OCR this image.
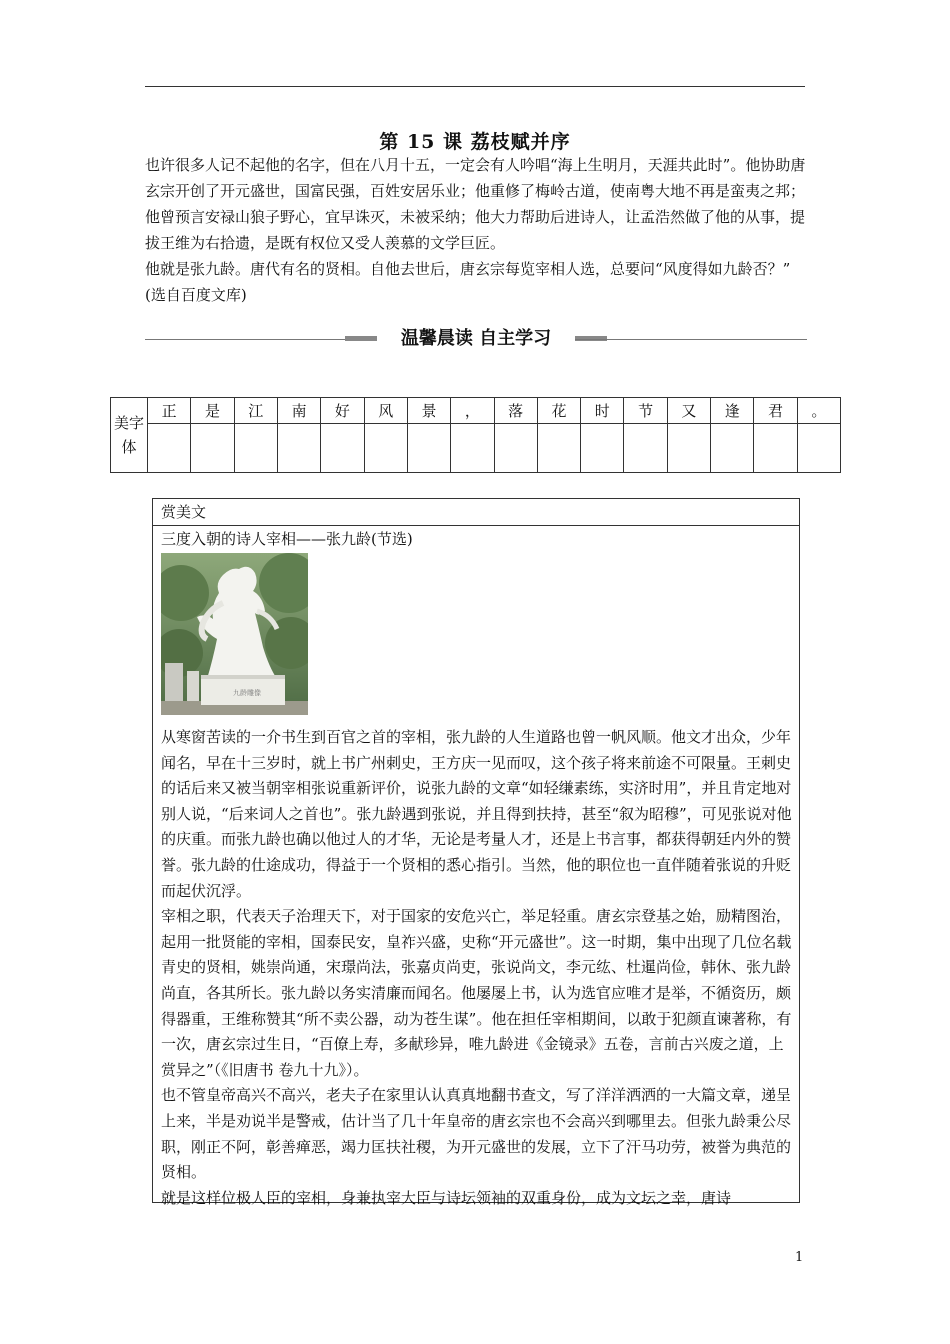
第 15 课 荔枝赋并序

也许很多人记不起他的名字，但在八月十五，一定会有人吟唱“海上生明月，天涯共此时”。他协助唐玄宗开创了开元盛世，国富民强，百姓安居乐业；他重修了梅岭古道，使南粤大地不再是蛮夷之邦；他曾预言安禄山狼子野心，宜早诛灭，未被采纳；他大力帮助后进诗人，让孟浩然做了他的从事，提拔王维为右拾遗，是既有权位又受人羡慕的文学巨匠。

他就是张九龄。唐代有名的贤相。自他去世后，唐玄宗每览宰相人选，总要问“风度得如九龄否？”

(选自百度文库)

温馨晨读 自主学习
美字体	正	是	江	南	好	风	景	，	落	花	时	节	又	逢	君	。

赏美文
三度入朝的诗人宰相——张九龄(节选)
九龄雕像

从寒窗苦读的一介书生到百官之首的宰相，张九龄的人生道路也曾一帆风顺。他文才出众，少年闻名，早在十三岁时，就上书广州刺史，王方庆一见而叹，这个孩子将来前途不可限量。王刺史的话后来又被当朝宰相张说重新评价，说张九龄的文章“如轻缣素练，实济时用”，并且肯定地对别人说，“后来词人之首也”。张九龄遇到张说，并且得到扶持，甚至“叙为昭穆”，可见张说对他的庆重。而张九龄也确以他过人的才华，无论是考量人才，还是上书言事，都获得朝廷内外的赞誉。张九龄的仕途成功，得益于一个贤相的悉心指引。当然，他的职位也一直伴随着张说的升贬而起伏沉浮。

宰相之职，代表天子治理天下，对于国家的安危兴亡，举足轻重。唐玄宗登基之始，励精图治，起用一批贤能的宰相，国泰民安，皇祚兴盛，史称“开元盛世”。这一时期，集中出现了几位名载青史的贤相，姚崇尚通，宋璟尚法，张嘉贞尚吏，张说尚文，李元纮、杜暹尚俭，韩休、张九龄尚直，各其所长。张九龄以务实清廉而闻名。他屡屡上书，认为选官应唯才是举，不循资历，颇得器重，王维称赞其“所不卖公器，动为苍生谋”。他在担任宰相期间，以敢于犯颜直谏著称，有一次，唐玄宗过生日，“百僚上寿，多献珍异，唯九龄进《金镜录》五卷，言前古兴废之道，上赏异之”（《旧唐书 卷九十九》）。

也不管皇帝高兴不高兴，老夫子在家里认认真真地翻书查文，写了洋洋洒洒的一大篇文章，递呈上来，半是劝说半是警戒，估计当了几十年皇帝的唐玄宗也不会高兴到哪里去。但张九龄秉公尽职，刚正不阿，彰善瘅恶，竭力匡扶社稷，为开元盛世的发展，立下了汗马功劳，被誉为典范的贤相。

就是这样位极人臣的宰相，身兼执宰大臣与诗坛领袖的双重身份，成为文坛之幸，唐诗

1
